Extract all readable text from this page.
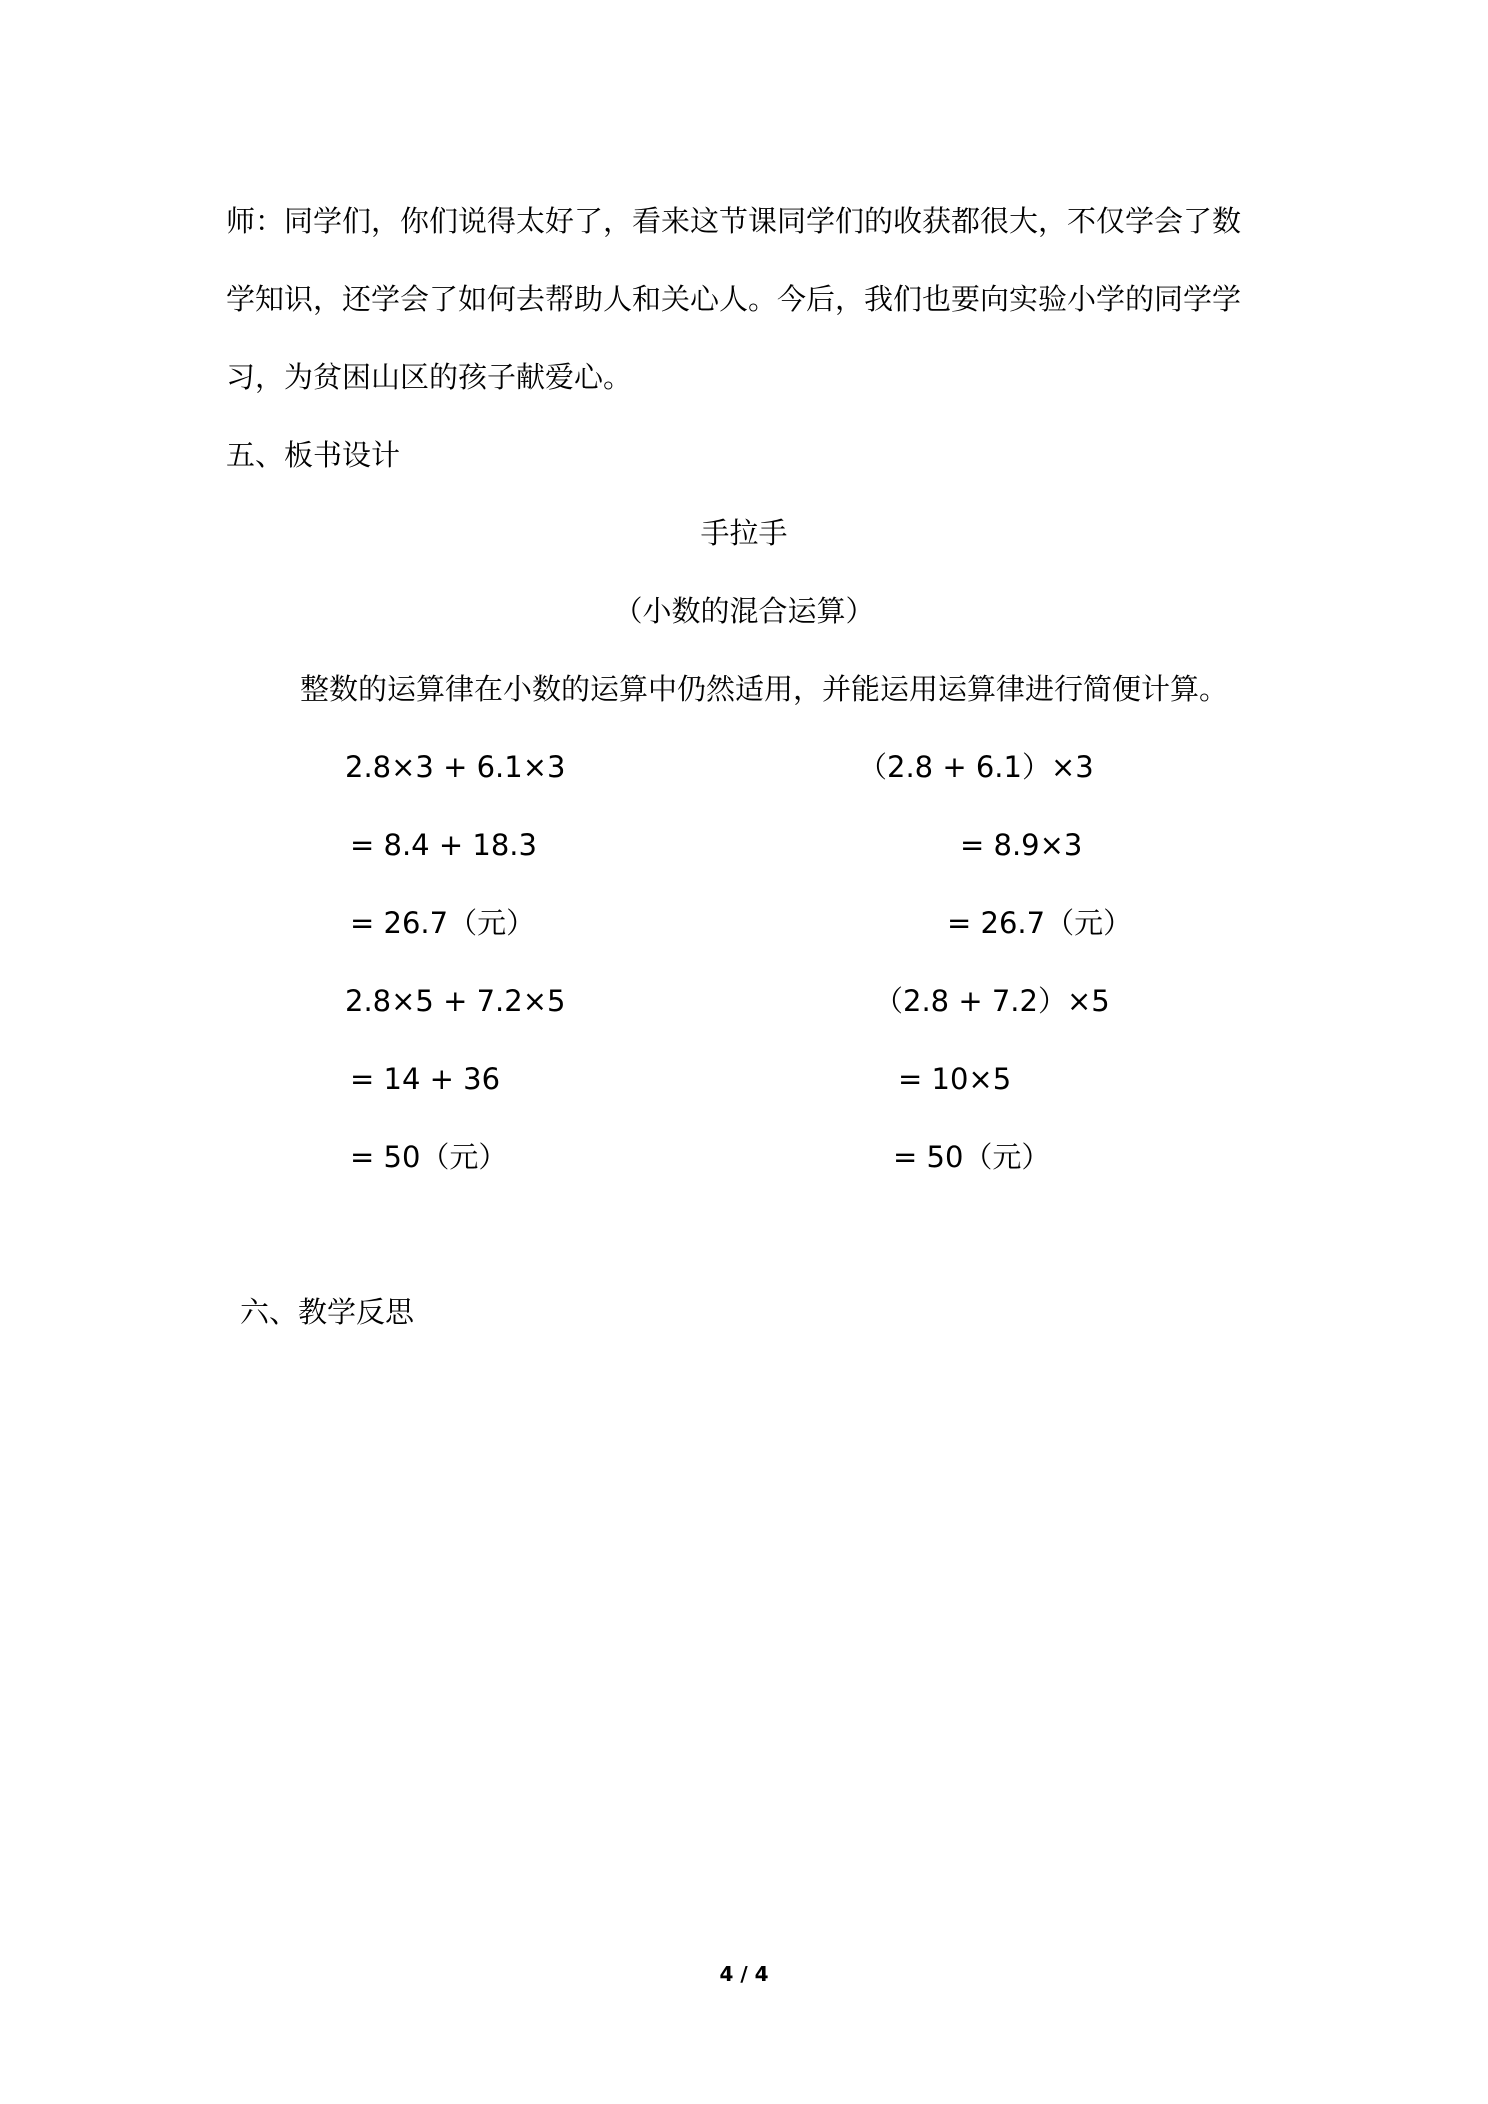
师：同学们，你们说得太好了，看来这节课同学们的收获都很大，不仅学会了数
学知识，还学会了如何去帮助人和关心人。今后，我们也要向实验小学的同学学
习，为贫困山区的孩子献爱心。
五、板书设计
手拉手
（小数的混合运算）
整数的运算律在小数的运算中仍然适用，并能运用运算律进行简便计算。
2.8×3 + 6.1×3
= 8.4 + 18.3
= 26.7（元）
2.8×5 + 7.2×5
= 14 + 36
= 50（元）
（2.8 + 6.1）×3
= 8.9×3
= 26.7（元）
（2.8 + 7.2）×5
= 10×5
= 50（元）
六、教学反思
4 / 4
